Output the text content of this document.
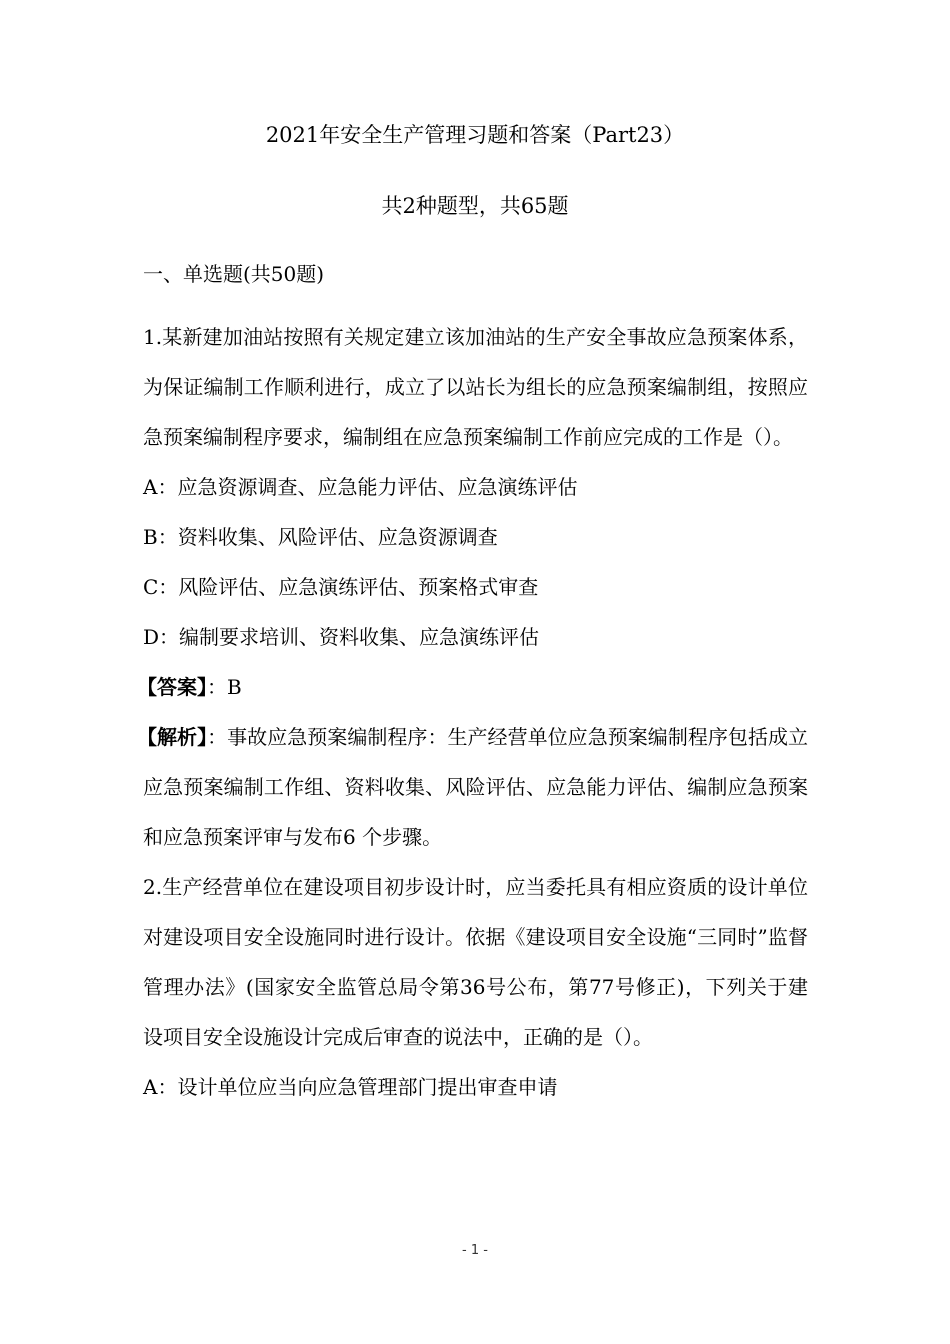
2021年安全生产管理习题和答案（Part23）
共2种题型，共65题
一、单选题(共50题)

1.某新建加油站按照有关规定建立该加油站的生产安全事故应急预案体系，为保证编制工作顺利进行，成立了以站长为组长的应急预案编制组，按照应急预案编制程序要求，编制组在应急预案编制工作前应完成的工作是（）。

A：应急资源调查、应急能力评估、应急演练评估

B：资料收集、风险评估、应急资源调查

C：风险评估、应急演练评估、预案格式审查

D：编制要求培训、资料收集、应急演练评估

【答案】：B

【解析】：事故应急预案编制程序：生产经营单位应急预案编制程序包括成立应急预案编制工作组、资料收集、风险评估、应急能力评估、编制应急预案和应急预案评审与发布6 个步骤。

2.生产经营单位在建设项目初步设计时，应当委托具有相应资质的设计单位对建设项目安全设施同时进行设计。依据《建设项目安全设施“三同时”监督管理办法》(国家安全监管总局令第36号公布，第77号修正)，下列关于建设项目安全设施设计完成后审查的说法中，正确的是（）。

A：设计单位应当向应急管理部门提出审查申请

- 1 -
